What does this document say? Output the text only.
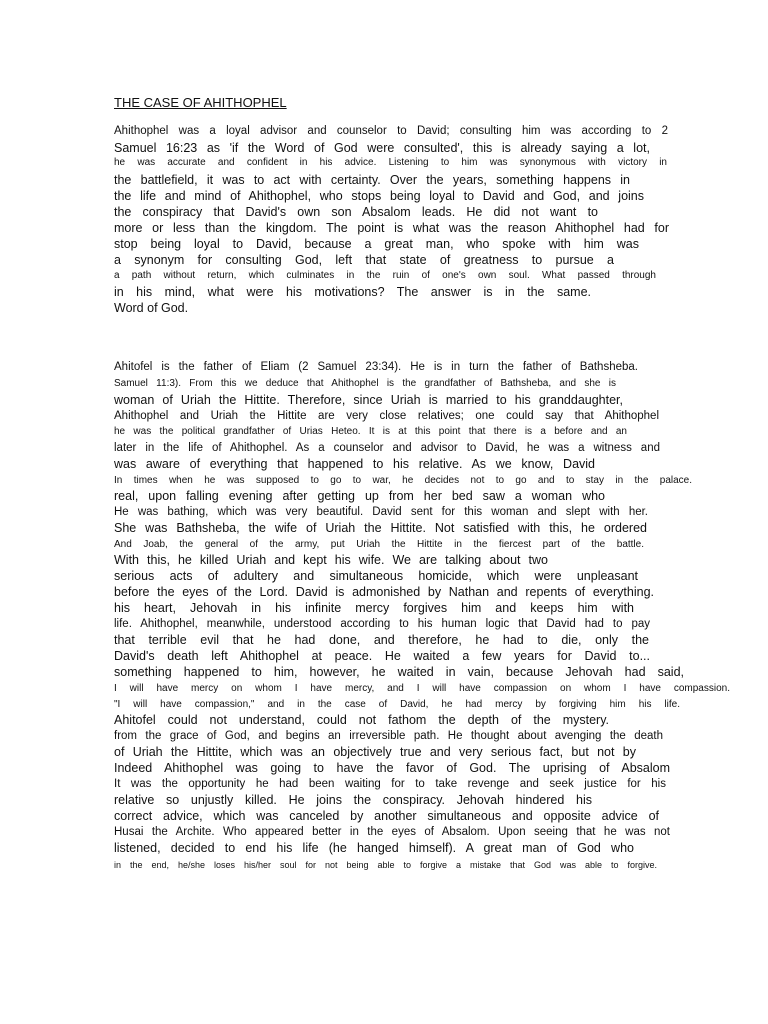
THE CASE OF AHITHOPHEL
Ahithophel was a loyal advisor and counselor to David; consulting him was according to 2
Samuel 16:23 as 'if the Word of God were consulted', this is already saying a lot,
he was accurate and confident in his advice. Listening to him was synonymous with victory in
the battlefield, it was to act with certainty. Over the years, something happens in
the life and mind of Ahithophel, who stops being loyal to David and God, and joins
the conspiracy that David's own son Absalom leads. He did not want to
more or less than the kingdom. The point is what was the reason Ahithophel had for
stop being loyal to David, because a great man, who spoke with him was
a synonym for consulting God, left that state of greatness to pursue a
a path without return, which culminates in the ruin of one's own soul. What passed through
in his mind, what were his motivations? The answer is in the same.
Word of God.
Ahitofel is the father of Eliam (2 Samuel 23:34). He is in turn the father of Bathsheba.
Samuel 11:3). From this we deduce that Ahithophel is the grandfather of Bathsheba, and she is
woman of Uriah the Hittite. Therefore, since Uriah is married to his granddaughter,
Ahithophel and Uriah the Hittite are very close relatives; one could say that Ahithophel
he was the political grandfather of Urias Heteo. It is at this point that there is a before and an
later in the life of Ahithophel. As a counselor and advisor to David, he was a witness and
was aware of everything that happened to his relative. As we know, David
In times when he was supposed to go to war, he decides not to go and to stay in the palace.
real, upon falling evening after getting up from her bed saw a woman who
He was bathing, which was very beautiful. David sent for this woman and slept with her.
She was Bathsheba, the wife of Uriah the Hittite. Not satisfied with this, he ordered
And Joab, the general of the army, put Uriah the Hittite in the fiercest part of the battle.
With this, he killed Uriah and kept his wife. We are talking about two
serious acts of adultery and simultaneous homicide, which were unpleasant
before the eyes of the Lord. David is admonished by Nathan and repents of everything.
his heart, Jehovah in his infinite mercy forgives him and keeps him with
life. Ahithophel, meanwhile, understood according to his human logic that David had to pay
that terrible evil that he had done, and therefore, he had to die, only the
David's death left Ahithophel at peace. He waited a few years for David to...
something happened to him, however, he waited in vain, because Jehovah had said,
I will have mercy on whom I have mercy, and I will have compassion on whom I have compassion.
"I will have compassion," and in the case of David, he had mercy by forgiving him his life.
Ahitofel could not understand, could not fathom the depth of the mystery.
from the grace of God, and begins an irreversible path. He thought about avenging the death
of Uriah the Hittite, which was an objectively true and very serious fact, but not by
Indeed Ahithophel was going to have the favor of God. The uprising of Absalom
It was the opportunity he had been waiting for to take revenge and seek justice for his
relative so unjustly killed. He joins the conspiracy. Jehovah hindered his
correct advice, which was canceled by another simultaneous and opposite advice of
Husai the Archite. Who appeared better in the eyes of Absalom. Upon seeing that he was not
listened, decided to end his life (he hanged himself). A great man of God who
in the end, he/she loses his/her soul for not being able to forgive a mistake that God was able to forgive.
